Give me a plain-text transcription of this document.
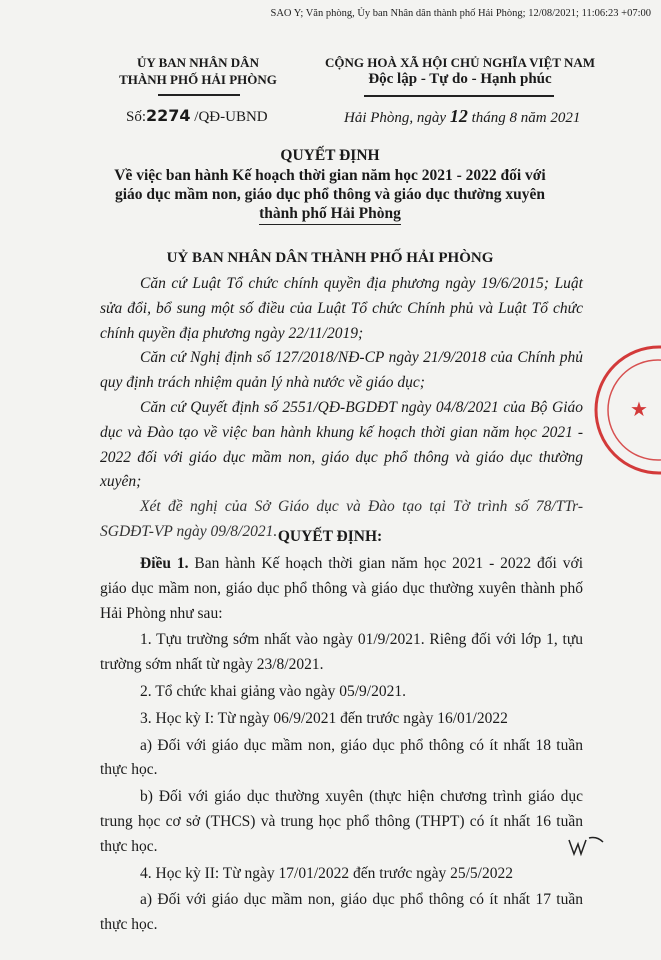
SAO Y; Văn phòng, Ủy ban Nhân dân thành phố Hải Phòng; 12/08/2021; 11:06:23 +07:00
ỦY BAN NHÂN DÂN
THÀNH PHỐ HẢI PHÒNG
CỘNG HOÀ XÃ HỘI CHỦ NGHĨA VIỆT NAM
Độc lập - Tự do - Hạnh phúc
Số:2274 /QĐ-UBND	Hải Phòng, ngày 12 tháng 8 năm 2021
QUYẾT ĐỊNH
Về việc ban hành Kế hoạch thời gian năm học 2021 - 2022 đối với
giáo dục mầm non, giáo dục phổ thông và giáo dục thường xuyên
thành phố Hải Phòng
UỶ BAN NHÂN DÂN THÀNH PHỐ HẢI PHÒNG

Căn cứ Luật Tổ chức chính quyền địa phương ngày 19/6/2015; Luật sửa đổi, bổ sung một số điều của Luật Tổ chức Chính phủ và Luật Tổ chức chính quyền địa phương ngày 22/11/2019;

Căn cứ Nghị định số 127/2018/NĐ-CP ngày 21/9/2018 của Chính phủ quy định trách nhiệm quản lý nhà nước về giáo dục;

Căn cứ Quyết định số 2551/QĐ-BGDĐT ngày 04/8/2021 của Bộ Giáo dục và Đào tạo về việc ban hành khung kế hoạch thời gian năm học 2021 - 2022 đối với giáo dục mầm non, giáo dục phổ thông và giáo dục thường xuyên;

Xét đề nghị của Sở Giáo dục và Đào tạo tại Tờ trình số 78/TTr-SGDĐT-VP ngày 09/8/2021. QUYẾT ĐỊNH:

Điều 1. Ban hành Kế hoạch thời gian năm học 2021 - 2022 đối với giáo dục mầm non, giáo dục phổ thông và giáo dục thường xuyên thành phố Hải Phòng như sau:

1. Tựu trường sớm nhất vào ngày 01/9/2021. Riêng đối với lớp 1, tựu trường sớm nhất từ ngày 23/8/2021.

2. Tổ chức khai giảng vào ngày 05/9/2021.

3. Học kỳ I: Từ ngày 06/9/2021 đến trước ngày 16/01/2022

a) Đối với giáo dục mầm non, giáo dục phổ thông có ít nhất 18 tuần thực học.

b) Đối với giáo dục thường xuyên (thực hiện chương trình giáo dục trung học cơ sở (THCS) và trung học phổ thông (THPT) có ít nhất 16 tuần thực học.

4. Học kỳ II: Từ ngày 17/01/2022 đến trước ngày 25/5/2022

a) Đối với giáo dục mầm non, giáo dục phổ thông có ít nhất 17 tuần thực học.

★
